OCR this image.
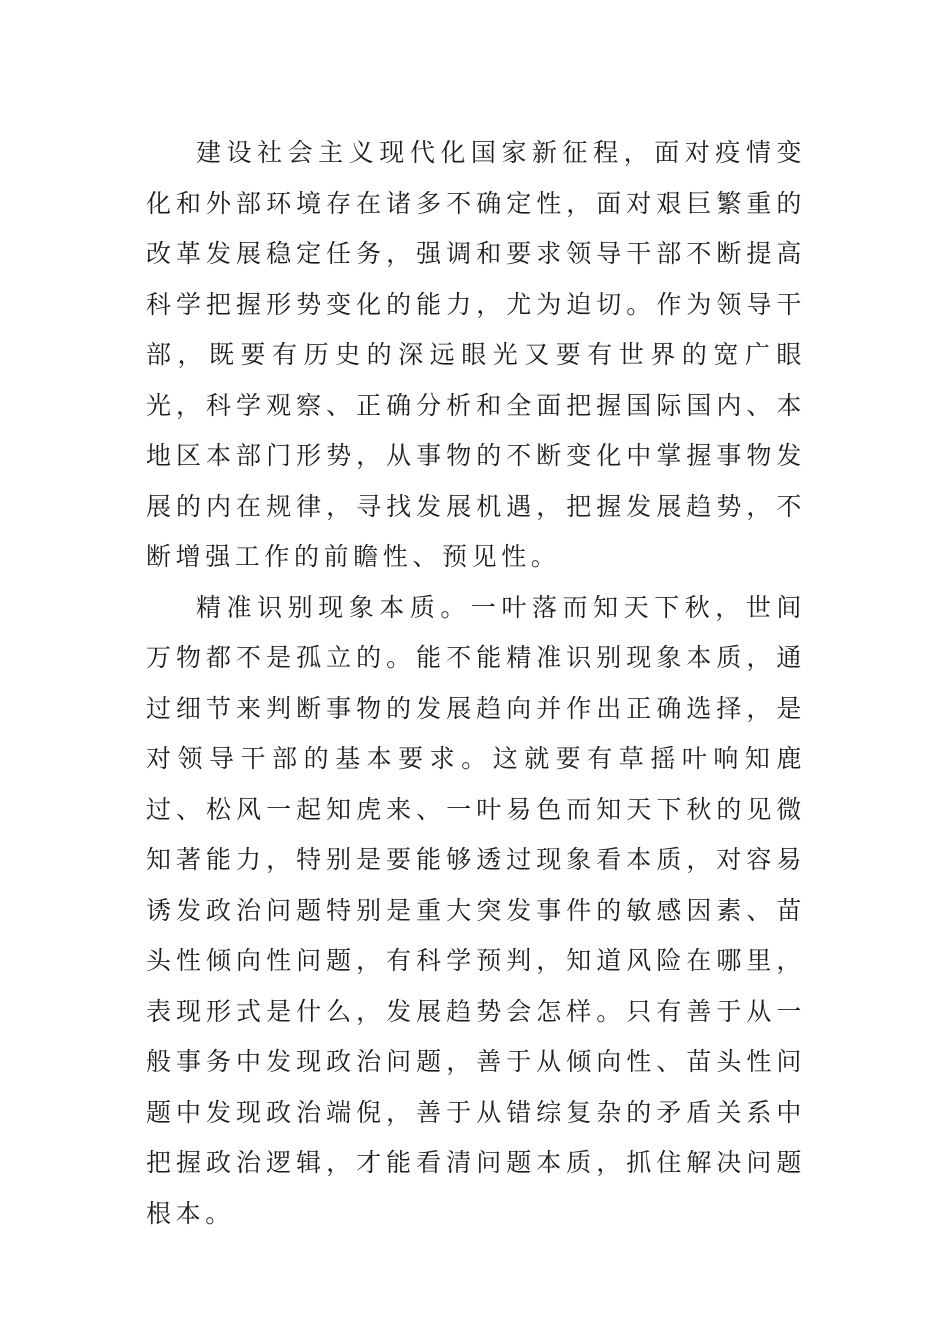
建设社会主义现代化国家新征程，面对疫情变化和外部环境存在诸多不确定性，面对艰巨繁重的改革发展稳定任务，强调和要求领导干部不断提高科学把握形势变化的能力，尤为迫切。作为领导干部，既要有历史的深远眼光又要有世界的宽广眼光，科学观察、正确分析和全面把握国际国内、本地区本部门形势，从事物的不断变化中掌握事物发展的内在规律，寻找发展机遇，把握发展趋势，不断增强工作的前瞻性、预见性。

精准识别现象本质。一叶落而知天下秋，世间万物都不是孤立的。能不能精准识别现象本质，通过细节来判断事物的发展趋向并作出正确选择，是对领导干部的基本要求。这就要有草摇叶响知鹿过、松风一起知虎来、一叶易色而知天下秋的见微知著能力，特别是要能够透过现象看本质，对容易诱发政治问题特别是重大突发事件的敏感因素、苗头性倾向性问题，有科学预判，知道风险在哪里，表现形式是什么，发展趋势会怎样。只有善于从一般事务中发现政治问题，善于从倾向性、苗头性问题中发现政治端倪，善于从错综复杂的矛盾关系中把握政治逻辑，才能看清问题本质，抓住解决问题根本。
